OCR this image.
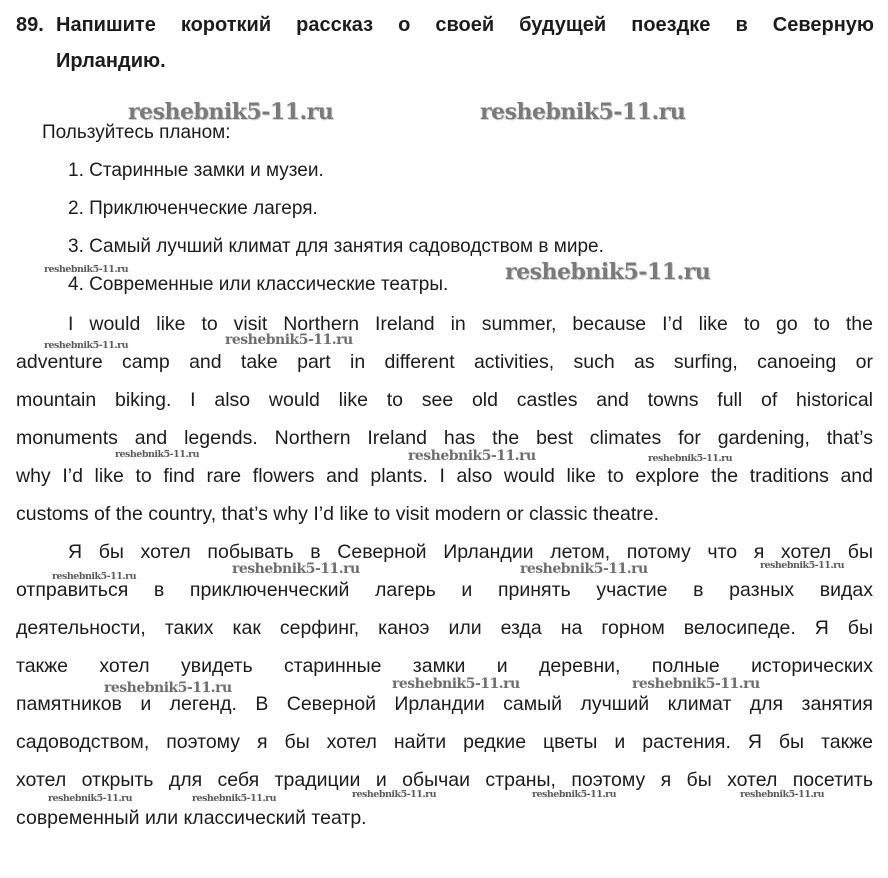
89. Напишите короткий рассказ о своей будущей поездке в Северную
Ирландию.
Пользуйтесь планом:
1. Старинные замки и музеи.
2. Приключенческие лагеря.
3. Самый лучший климат для занятия садоводством в мире.
4. Современные или классические театры.
I would like to visit Northern Ireland in summer, because I’d like to go to the
adventure camp and take part in different activities, such as surfing, canoeing or
mountain biking. I also would like to see old castles and towns full of historical
monuments and legends. Northern Ireland has the best climates for gardening, that’s
why I’d like to find rare flowers and plants. I also would like to explore the traditions and
customs of the country, that’s why I’d like to visit modern or classic theatre.
Я бы хотел побывать в Северной Ирландии летом, потому что я хотел бы
отправиться в приключенческий лагерь и принять участие в разных видах
деятельности, таких как серфинг, каноэ или езда на горном велосипеде. Я бы
также хотел увидеть старинные замки и деревни, полные исторических
памятников и легенд. В Северной Ирландии самый лучший климат для занятия
садоводством, поэтому я бы хотел найти редкие цветы и растения. Я бы также
хотел открыть для себя традиции и обычаи страны, поэтому я бы хотел посетить
современный или классический театр.
reshebnik5-11.ru	reshebnik5-11.ru
reshebnik5-11.ru
reshebnik5-11.ru
reshebnik5-11.ru	reshebnik5-11.ru
reshebnik5-11.ru	reshebnik5-11.ru	reshebnik5-11.ru
reshebnik5-11.ru	reshebnik5-11.ru	reshebnik5-11.ru	reshebnik5-11.ru
reshebnik5-11.ru	reshebnik5-11.ru	reshebnik5-11.ru
reshebnik5-11.ru	reshebnik5-11.ru	reshebnik5-11.ru	reshebnik5-11.ru	reshebnik5-11.ru
